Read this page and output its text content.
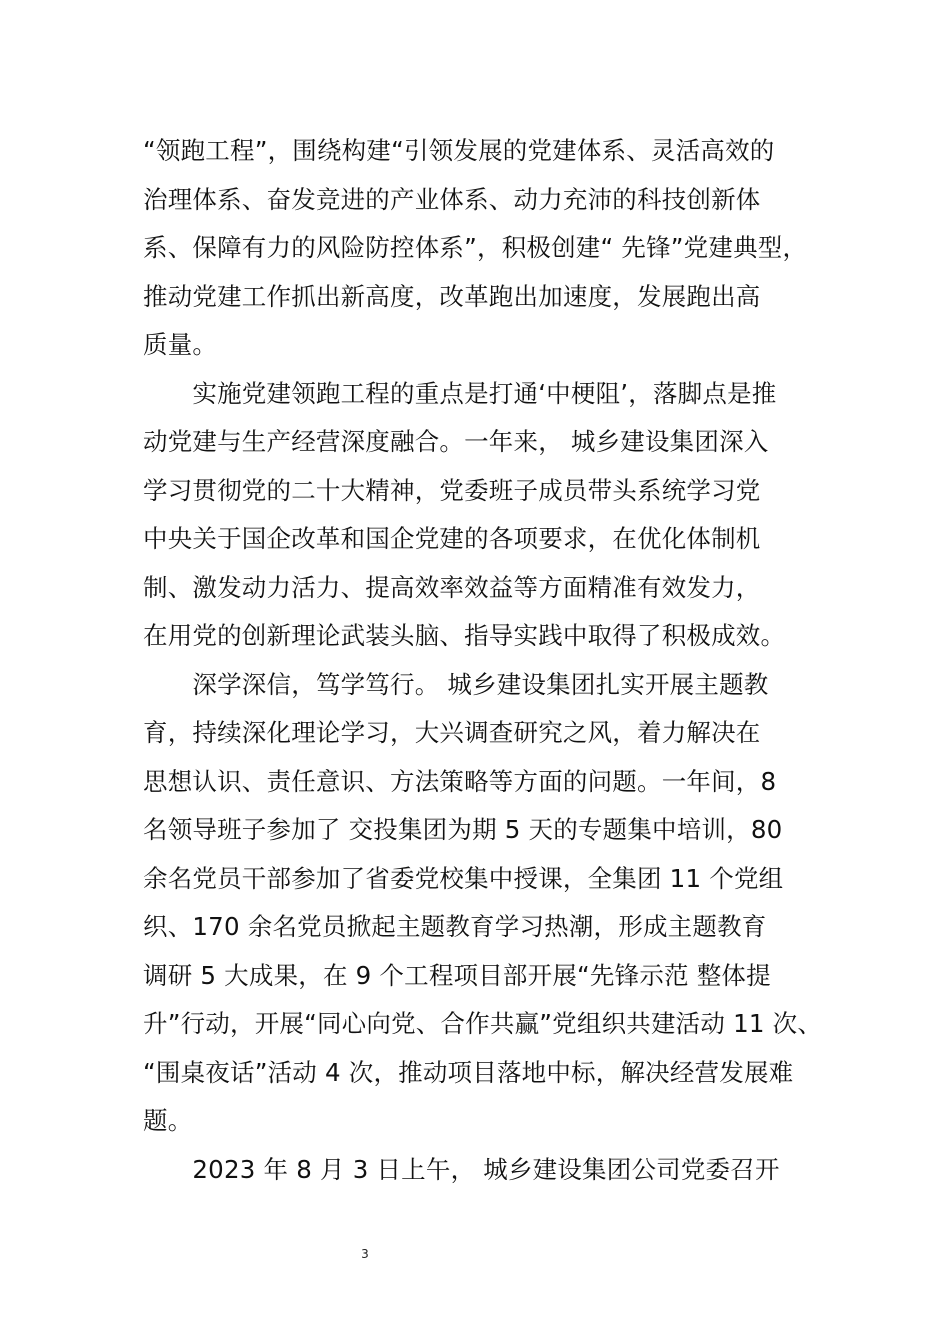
“领跑工程”，围绕构建“引领发展的党建体系、灵活高效的
治理体系、奋发竞进的产业体系、动力充沛的科技创新体
系、保障有力的风险防控体系”，积极创建“ 先锋”党建典型，
推动党建工作抓出新高度，改革跑出加速度，发展跑出高
质量。
　　实施党建领跑工程的重点是打通‘中梗阻’，落脚点是推
动党建与生产经营深度融合。一年来， 城乡建设集团深入
学习贯彻党的二十大精神，党委班子成员带头系统学习党
中央关于国企改革和国企党建的各项要求，在优化体制机
制、激发动力活力、提高效率效益等方面精准有效发力，
在用党的创新理论武装头脑、指导实践中取得了积极成效。
　　深学深信，笃学笃行。 城乡建设集团扎实开展主题教
育，持续深化理论学习，大兴调查研究之风，着力解决在
思想认识、责任意识、方法策略等方面的问题。一年间，8
名领导班子参加了 交投集团为期 5 天的专题集中培训，80
余名党员干部参加了省委党校集中授课，全集团 11 个党组
织、170 余名党员掀起主题教育学习热潮，形成主题教育
调研 5 大成果，在 9 个工程项目部开展“先锋示范 整体提
升”行动，开展“同心向党、合作共赢”党组织共建活动 11 次、
“围桌夜话”活动 4 次，推动项目落地中标，解决经营发展难
题。
　　2023 年 8 月 3 日上午， 城乡建设集团公司党委召开
3
